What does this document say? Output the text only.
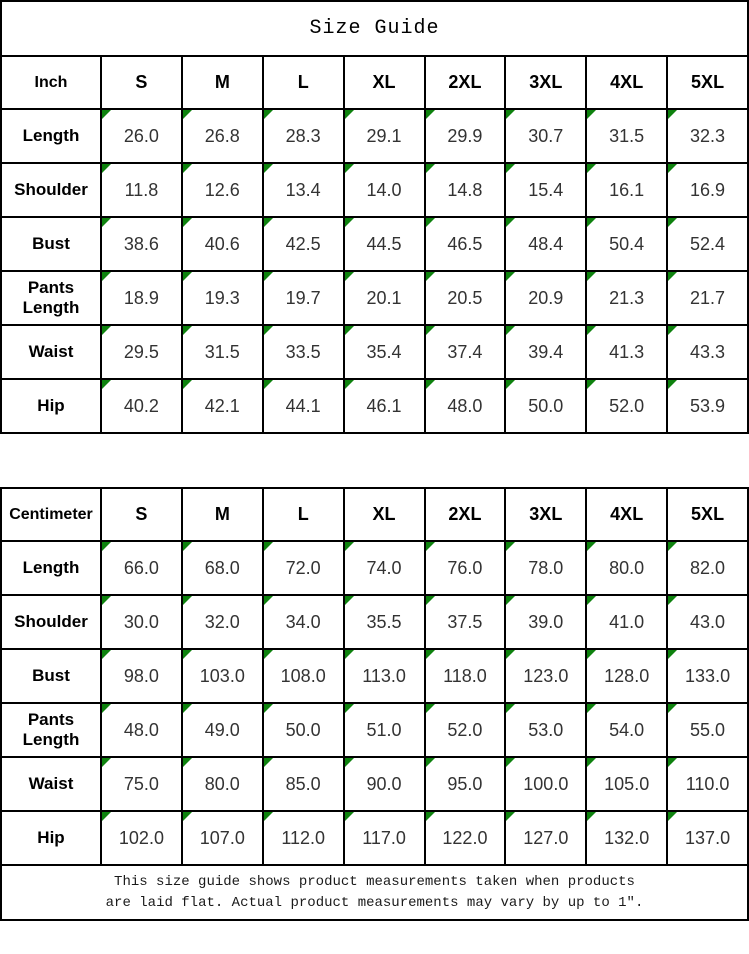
Size Guide								
Inch	S	M	L	XL	2XL	3XL	4XL	5XL
Length	26.0	26.8	28.3	29.1	29.9	30.7	31.5	32.3
Shoulder	11.8	12.6	13.4	14.0	14.8	15.4	16.1	16.9
Bust	38.6	40.6	42.5	44.5	46.5	48.4	50.4	52.4
Pants Length	18.9	19.3	19.7	20.1	20.5	20.9	21.3	21.7
Waist	29.5	31.5	33.5	35.4	37.4	39.4	41.3	43.3
Hip	40.2	42.1	44.1	46.1	48.0	50.0	52.0	53.9
Centimeter	S	M	L	XL	2XL	3XL	4XL	5XL
Length	66.0	68.0	72.0	74.0	76.0	78.0	80.0	82.0
Shoulder	30.0	32.0	34.0	35.5	37.5	39.0	41.0	43.0
Bust	98.0	103.0	108.0	113.0	118.0	123.0	128.0	133.0
Pants Length	48.0	49.0	50.0	51.0	52.0	53.0	54.0	55.0
Waist	75.0	80.0	85.0	90.0	95.0	100.0	105.0	110.0
Hip	102.0	107.0	112.0	117.0	122.0	127.0	132.0	137.0

This size guide shows product measurements taken when products
are laid flat. Actual product measurements may vary by up to 1″.								
